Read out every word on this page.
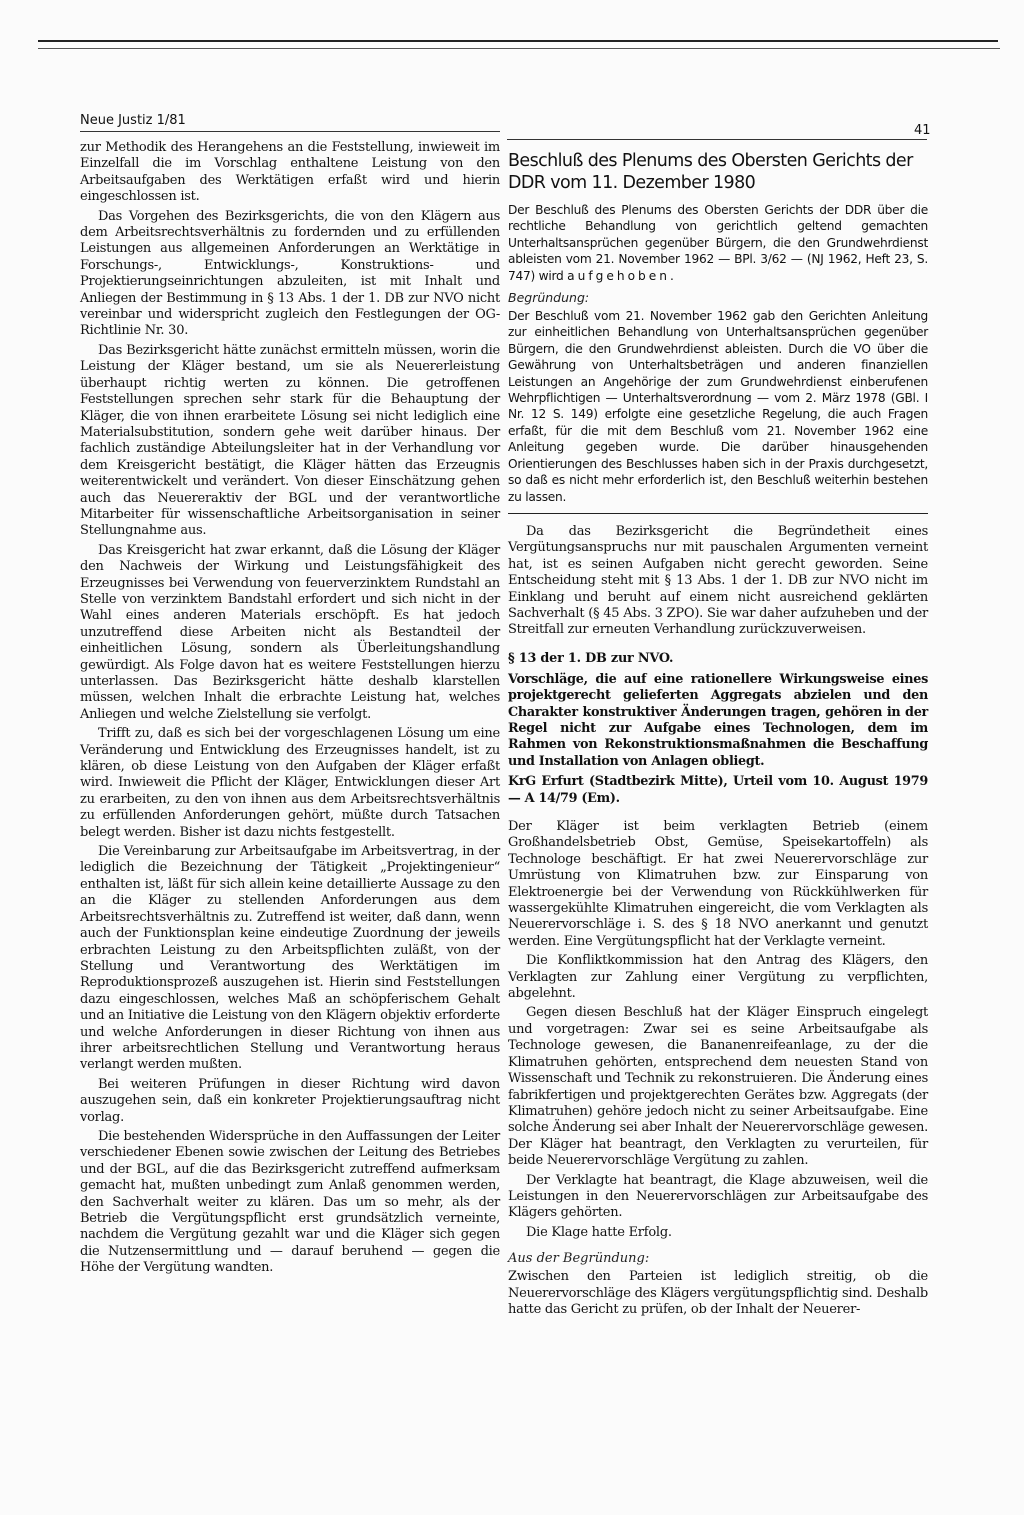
Neue Justiz 1/81
41

zur Methodik des Herangehens an die Feststellung, inwieweit im Einzelfall die im Vorschlag enthaltene Leistung von den Arbeitsaufgaben des Werktätigen erfaßt wird und hierin eingeschlossen ist.

Das Vorgehen des Bezirksgerichts, die von den Klägern aus dem Arbeitsrechtsverhältnis zu fordernden und zu erfüllenden Leistungen aus allgemeinen Anforderungen an Werktätige in Forschungs-, Entwicklungs-, Konstruktions- und Projektierungseinrichtungen abzuleiten, ist mit Inhalt und Anliegen der Bestimmung in § 13 Abs. 1 der 1. DB zur NVO nicht vereinbar und widerspricht zugleich den Festlegungen der OG-Richtlinie Nr. 30.

Das Bezirksgericht hätte zunächst ermitteln müssen, worin die Leistung der Kläger bestand, um sie als Neuererleistung überhaupt richtig werten zu können. Die getroffenen Feststellungen sprechen sehr stark für die Behauptung der Kläger, die von ihnen erarbeitete Lösung sei nicht lediglich eine Materialsubstitution, sondern gehe weit darüber hinaus. Der fachlich zuständige Abteilungsleiter hat in der Verhandlung vor dem Kreisgericht bestätigt, die Kläger hätten das Erzeugnis weiterentwickelt und verändert. Von dieser Einschätzung gehen auch das Neuereraktiv der BGL und der verantwortliche Mitarbeiter für wissenschaftliche Arbeitsorganisation in seiner Stellungnahme aus.

Das Kreisgericht hat zwar erkannt, daß die Lösung der Kläger den Nachweis der Wirkung und Leistungsfähigkeit des Erzeugnisses bei Verwendung von feuerverzinktem Rundstahl an Stelle von verzinktem Bandstahl erfordert und sich nicht in der Wahl eines anderen Materials erschöpft. Es hat jedoch unzutreffend diese Arbeiten nicht als Bestandteil der einheitlichen Lösung, sondern als Überleitungshandlung gewürdigt. Als Folge davon hat es weitere Feststellungen hierzu unterlassen. Das Bezirksgericht hätte deshalb klarstellen müssen, welchen Inhalt die erbrachte Leistung hat, welches Anliegen und welche Zielstellung sie verfolgt.

Trifft zu, daß es sich bei der vorgeschlagenen Lösung um eine Veränderung und Entwicklung des Erzeugnisses handelt, ist zu klären, ob diese Leistung von den Aufgaben der Kläger erfaßt wird. Inwieweit die Pflicht der Kläger, Entwicklungen dieser Art zu erarbeiten, zu den von ihnen aus dem Arbeitsrechtsverhältnis zu erfüllenden Anforderungen gehört, müßte durch Tatsachen belegt werden. Bisher ist dazu nichts festgestellt.

Die Vereinbarung zur Arbeitsaufgabe im Arbeitsvertrag, in der lediglich die Bezeichnung der Tätigkeit „Projektingenieur“ enthalten ist, läßt für sich allein keine detaillierte Aussage zu den an die Kläger zu stellenden Anforderungen aus dem Arbeitsrechtsverhältnis zu. Zutreffend ist weiter, daß dann, wenn auch der Funktionsplan keine eindeutige Zuordnung der jeweils erbrachten Leistung zu den Arbeitspflichten zuläßt, von der Stellung und Verantwortung des Werktätigen im Reproduktionsprozeß auszugehen ist. Hierin sind Feststellungen dazu eingeschlossen, welches Maß an schöpferischem Gehalt und an Initiative die Leistung von den Klägern objektiv erforderte und welche Anforderungen in dieser Richtung von ihnen aus ihrer arbeitsrechtlichen Stellung und Verantwortung heraus verlangt werden mußten.

Bei weiteren Prüfungen in dieser Richtung wird davon auszugehen sein, daß ein konkreter Projektierungsauftrag nicht vorlag.

Die bestehenden Widersprüche in den Auffassungen der Leiter verschiedener Ebenen sowie zwischen der Leitung des Betriebes und der BGL, auf die das Bezirksgericht zutreffend aufmerksam gemacht hat, mußten unbedingt zum Anlaß genommen werden, den Sachverhalt weiter zu klären. Das um so mehr, als der Betrieb die Vergütungspflicht erst grundsätzlich verneinte, nachdem die Vergütung gezahlt war und die Kläger sich gegen die Nutzensermittlung und — darauf beruhend — gegen die Höhe der Vergütung wandten.

Beschluß des Plenums des Obersten Gerichts der DDR vom 11. Dezember 1980

Der Beschluß des Plenums des Obersten Gerichts der DDR über die rechtliche Behandlung von gerichtlich geltend gemachten Unterhaltsansprüchen gegenüber Bürgern, die den Grundwehrdienst ableisten vom 21. November 1962 — BPl. 3/62 — (NJ 1962, Heft 23, S. 747) wird aufgehoben.

Begründung:

Der Beschluß vom 21. November 1962 gab den Gerichten Anleitung zur einheitlichen Behandlung von Unterhaltsansprüchen gegenüber Bürgern, die den Grundwehrdienst ableisten. Durch die VO über die Gewährung von Unterhaltsbeträgen und anderen finanziellen Leistungen an Angehörige der zum Grundwehrdienst einberufenen Wehrpflichtigen — Unterhaltsverordnung — vom 2. März 1978 (GBl. I Nr. 12 S. 149) erfolgte eine gesetzliche Regelung, die auch Fragen erfaßt, für die mit dem Beschluß vom 21. November 1962 eine Anleitung gegeben wurde. Die darüber hinausgehenden Orientierungen des Beschlusses haben sich in der Praxis durchgesetzt, so daß es nicht mehr erforderlich ist, den Beschluß weiterhin bestehen zu lassen.

Da das Bezirksgericht die Begründetheit eines Vergütungsanspruchs nur mit pauschalen Argumenten verneint hat, ist es seinen Aufgaben nicht gerecht geworden. Seine Entscheidung steht mit § 13 Abs. 1 der 1. DB zur NVO nicht im Einklang und beruht auf einem nicht ausreichend geklärten Sachverhalt (§ 45 Abs. 3 ZPO). Sie war daher aufzuheben und der Streitfall zur erneuten Verhandlung zurückzuverweisen.

§ 13 der 1. DB zur NVO.
Vorschläge, die auf eine rationellere Wirkungsweise eines projektgerecht gelieferten Aggregats abzielen und den Charakter konstruktiver Änderungen tragen, gehören in der Regel nicht zur Aufgabe eines Technologen, dem im Rahmen von Rekonstruktionsmaßnahmen die Beschaffung und Installation von Anlagen obliegt.
KrG Erfurt (Stadtbezirk Mitte), Urteil vom 10. August 1979 — A 14/79 (Em).

Der Kläger ist beim verklagten Betrieb (einem Großhandelsbetrieb Obst, Gemüse, Speisekartoffeln) als Technologe beschäftigt. Er hat zwei Neuerervorschläge zur Umrüstung von Klimatruhen bzw. zur Einsparung von Elektroenergie bei der Verwendung von Rückkühlwerken für wassergekühlte Klimatruhen eingereicht, die vom Verklagten als Neuerervorschläge i. S. des § 18 NVO anerkannt und genutzt werden. Eine Vergütungspflicht hat der Verklagte verneint.

Die Konfliktkommission hat den Antrag des Klägers, den Verklagten zur Zahlung einer Vergütung zu verpflichten, abgelehnt.

Gegen diesen Beschluß hat der Kläger Einspruch eingelegt und vorgetragen: Zwar sei es seine Arbeitsaufgabe als Technologe gewesen, die Bananenreifeanlage, zu der die Klimatruhen gehörten, entsprechend dem neuesten Stand von Wissenschaft und Technik zu rekonstruieren. Die Änderung eines fabrikfertigen und projektgerechten Gerätes bzw. Aggregats (der Klimatruhen) gehöre jedoch nicht zu seiner Arbeitsaufgabe. Eine solche Änderung sei aber Inhalt der Neuerervorschläge gewesen. Der Kläger hat beantragt, den Verklagten zu verurteilen, für beide Neuerervorschläge Vergütung zu zahlen.

Der Verklagte hat beantragt, die Klage abzuweisen, weil die Leistungen in den Neuerervorschlägen zur Arbeitsaufgabe des Klägers gehörten.

Die Klage hatte Erfolg.

Aus der Begründung:

Zwischen den Parteien ist lediglich streitig, ob die Neuerervorschläge des Klägers vergütungspflichtig sind. Deshalb hatte das Gericht zu prüfen, ob der Inhalt der Neuerer-
